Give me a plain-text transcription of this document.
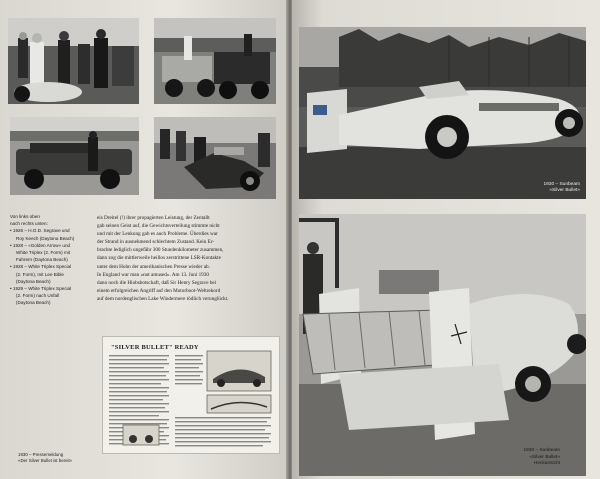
Von links oben
nach rechts unten:
• 1926 – H.O.D. Segrave und
Roy Keech (Daytona Beach)
• 1928 – «Golden Arrow» und
White Triplex (2. Form) mit
Fahrern (Daytona Beach)
• 1928 – White Triplex Special
(2. Form), mit Lee Bible
(Daytona Beach)
• 1929 – White Triplex Special
(2. Form) nach Unfall
(Daytona Beach)
eis Dreitel (!) ihrer propagierten Leistung, der Zentallt
gab seinen Geist auf, die Gewichtsverteilung stimmte nicht
und mit der Lenkung gab es auch Probleme. Überdies war
der Strand in ausnehmend schlechtem Zustand. Kein Er-
brachte lediglich ungefähr 300 Stundenkilometer zusammen,
dann zog die mittlerweile heillos zerstrittene LSR-Kontakte
unter dem Hohn der amerikanischen Presse wieder ab.
In England war man «not amused». Am 13. Juni 1930
dann noch die Hiobsbotschaft, daß Sir Henry Segrave bei
einem erfolgreichen Angriff auf den Motorboot-Weltrekord
auf dem nordenglischen Lake Windermere tödlich verunglückt.
"SILVER BULLET" READY
1930 – Pressemeldung
«Der Silver Bullet ist bereit»
1930 – Sunbeam
«Silver Bullet»
1930 – Sunbeam
«Silver Bullet»
Heckansicht
